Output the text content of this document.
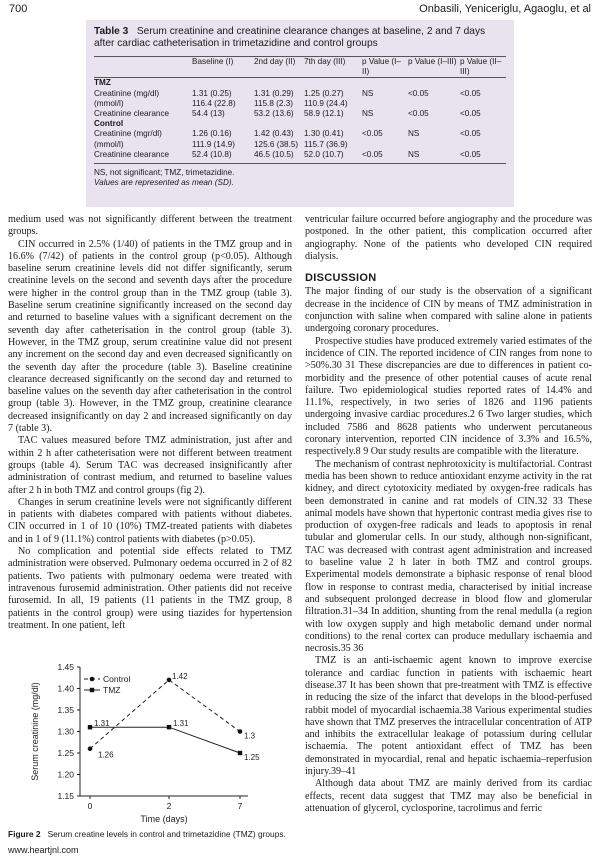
700	Onbasili, Yeniceriglu, Agaoglu, et al
Table 3 Serum creatinine and creatinine clearance changes at baseline, 2 and 7 days after cardiac catheterisation in trimetazidine and control groups
	Baseline (I)	2nd day (II)	7th day (III)	p Value (I–II)	p Value (I–III)	p Value (II–III)

TMZ						
Creatinine (mg/dl)	1.31 (0.25)	1.31 (0.29)	1.25 (0.27)	NS	<0.05	<0.05
(mmol/l)	116.4 (22.8)	115.8 (2.3)	110.9 (24.4)			
Creatinine clearance	54.4 (13)	53.2 (13.6)	58.9 (12.1)	NS	<0.05	<0.05
Control						
Creatinine (mgr/dl)	1.26 (0.16)	1.42 (0.43)	1.30 (0.41)	<0.05	NS	<0.05
(mmol/l)	111.9 (14.9)	125.6 (38.5)	115.7 (36.9)			
Creatinine clearance	52.4 (10.8)	46.5 (10.5)	52.0 (10.7)	<0.05	NS	<0.05
NS, not significant; TMZ, trimetazidine.
Values are represented as mean (SD).

medium used was not significantly different between the treatment groups.

CIN occurred in 2.5% (1/40) of patients in the TMZ group and in 16.6% (7/42) of patients in the control group (p<0.05). Although baseline serum creatinine levels did not differ significantly, serum creatinine levels on the second and seventh days after the procedure were higher in the control group than in the TMZ group (table 3). Baseline serum creatinine significantly increased on the second day and returned to baseline values with a significant decrement on the seventh day after catheterisation in the control group (table 3). However, in the TMZ group, serum creatinine value did not present any increment on the second day and even decreased significantly on the seventh day after the procedure (table 3). Baseline creatinine clearance decreased significantly on the second day and returned to baseline values on the seventh day after catheterisation in the control group (table 3). However, in the TMZ group, creatinine clearance decreased insignificantly on day 2 and increased significantly on day 7 (table 3).

TAC values measured before TMZ administration, just after and within 2 h after catheterisation were not different between treatment groups (table 4). Serum TAC was decreased insignificantly after administration of contrast medium, and returned to baseline values after 2 h in both TMZ and control groups (fig 2).

Changes in serum creatinine levels were not significantly different in patients with diabetes compared with patients without diabetes. CIN occurred in 1 of 10 (10%) TMZ-treated patients with diabetes and in 1 of 9 (11.1%) control patients with diabetes (p>0.05).

No complication and potential side effects related to TMZ administration were observed. Pulmonary oedema occurred in 2 of 82 patients. Two patients with pulmonary oedema were treated with intravenous furosemid administration. Other patients did not receive furosemid. In all, 19 patients (11 patients in the TMZ group, 8 patients in the control group) were using tiazides for hypertension treatment. In one patient, left

ventricular failure occurred before angiography and the procedure was postponed. In the other patient, this complication occurred after angiography. None of the patients who developed CIN required dialysis.

DISCUSSION

The major finding of our study is the observation of a significant decrease in the incidence of CIN by means of TMZ administration in conjunction with saline when compared with saline alone in patients undergoing coronary procedures.

Prospective studies have produced extremely varied estimates of the incidence of CIN. The reported incidence of CIN ranges from none to >50%.30 31 These discrepancies are due to differences in patient co-morbidity and the presence of other potential causes of acute renal failure. Two epidemiological studies reported rates of 14.4% and 11.1%, respectively, in two series of 1826 and 1196 patients undergoing invasive cardiac procedures.2 6 Two larger studies, which included 7586 and 8628 patients who underwent percutaneous coronary intervention, reported CIN incidence of 3.3% and 16.5%, respectively.8 9 Our study results are compatible with the literature.

The mechanism of contrast nephrotoxicity is multifactorial. Contrast media has been shown to reduce antioxidant enzyme activity in the rat kidney, and direct cytotoxicity mediated by oxygen-free radicals has been demonstrated in canine and rat models of CIN.32 33 These animal models have shown that hypertonic contrast media gives rise to production of oxygen-free radicals and leads to apoptosis in renal tubular and glomerular cells. In our study, although non-significant, TAC was decreased with contrast agent administration and increased to baseline value 2 h later in both TMZ and control groups. Experimental models demonstrate a biphasic response of renal blood flow in response to contrast media, characterised by initial increase and subsequent prolonged decrease in blood flow and glomerular filtration.31–34 In addition, shunting from the renal medulla (a region with low oxygen supply and high metabolic demand under normal conditions) to the renal cortex can produce medullary ischaemia and necrosis.35 36

TMZ is an anti-ischaemic agent known to improve exercise tolerance and cardiac function in patients with ischaemic heart disease.37 It has been shown that pre-treatment with TMZ is effective in reducing the size of the infarct that develops in the blood-perfused rabbit model of myocardial ischaemia.38 Various experimental studies have shown that TMZ preserves the intracellular concentration of ATP and inhibits the extracellular leakage of potassium during cellular ischaemia. The potent antioxidant effect of TMZ has been demonstrated in myocardial, renal and hepatic ischaemia–reperfusion injury.39–41

Although data about TMZ are mainly derived from its cardiac effects, recent data suggest that TMZ may also be beneficial in attenuation of glycerol, cyclosporine, tacrolimus and ferric

1.15
1.20
1.25
1.30
1.35
1.40
1.45
0	2	7
Time (days)
Serum creatinine (mg/dl)	1.26
1.42
1.3
Control
1.31	1.31
1.25
TMZ
Figure 2 Serum creatine levels in control and trimetazidine (TMZ) groups.
www.heartjnl.com
